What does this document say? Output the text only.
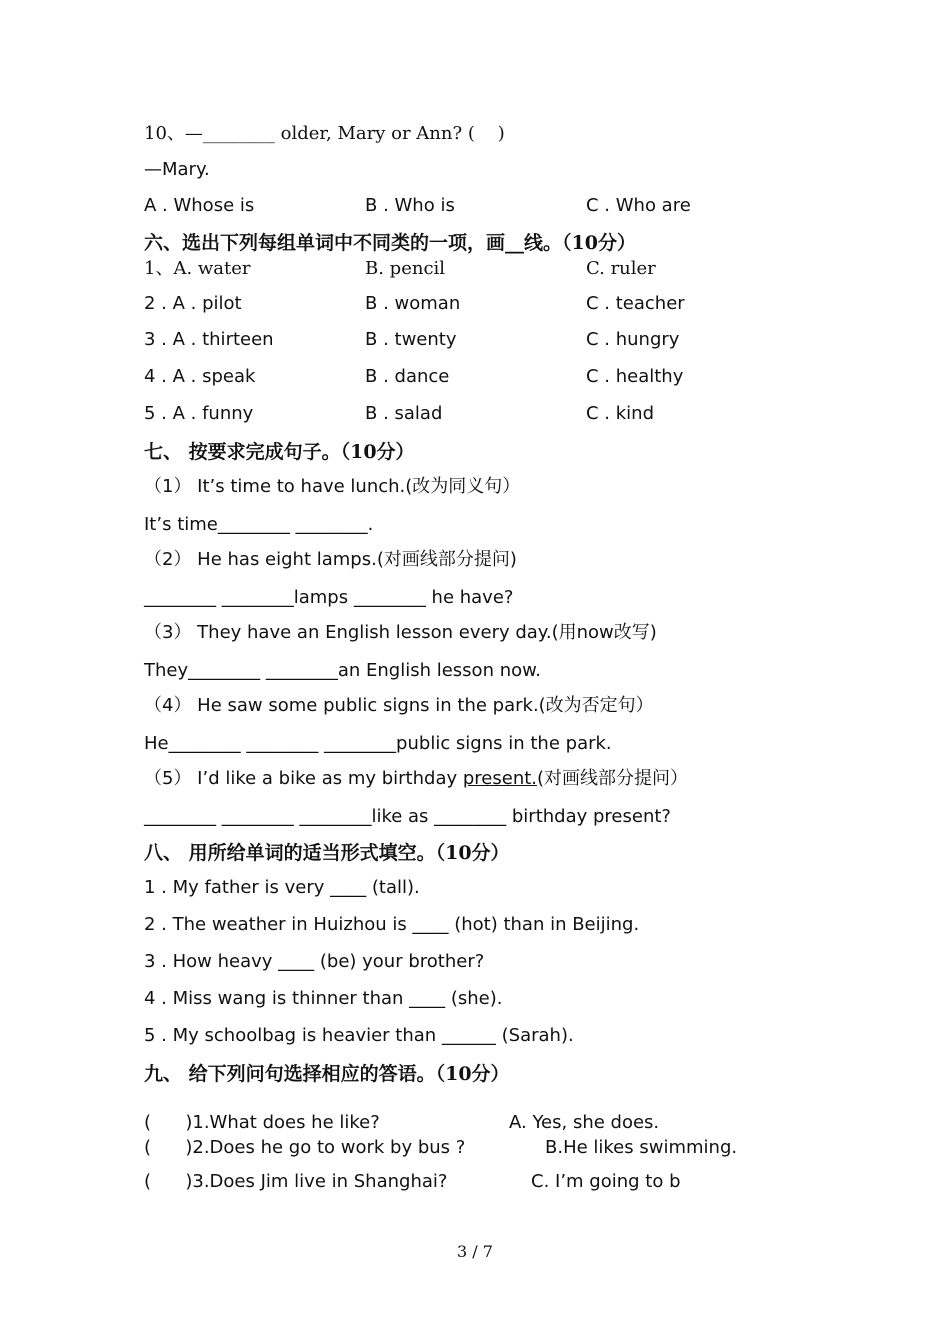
10、—________ older, Mary or Ann? (    )
—Mary.
A . Whose is	B . Who is	C . Who are
六、选出下列每组单词中不同类的一项，画__线。（10分）
1、A. water	B. pencil	C. ruler
2 . A . pilot	B . woman	C . teacher
3 . A . thirteen	B . twenty	C . hungry
4 . A . speak	B . dance	C . healthy
5 . A . funny	B . salad	C . kind
七、 按要求完成句子。（10分）
（1） It’s time to have lunch.(改为同义句）
It’s time________ ________.
（2） He has eight lamps.(对画线部分提问)
________ ________lamps ________ he have?
（3） They have an English lesson every day.(用now改写)
They________ ________an English lesson now.
（4） He saw some public signs in the park.(改为否定句）
He________ ________ ________public signs in the park.
（5） I’d like a bike as my birthday present.(对画线部分提问）
________ ________ ________like as ________ birthday present?
八、 用所给单词的适当形式填空。（10分）
1 . My father is very ____ (tall).
2 . The weather in Huizhou is ____ (hot) than in Beijing.
3 . How heavy ____ (be) your brother?
4 . Miss wang is thinner than ____ (she).
5 . My schoolbag is heavier than ______ (Sarah).
九、 给下列问句选择相应的答语。（10分）
(      )1.What does he like?	A. Yes, she does.
(      )2.Does he go to work by bus ?	B.He likes swimming.
(      )3.Does Jim live in Shanghai?	C. I’m going to b
3 / 7
